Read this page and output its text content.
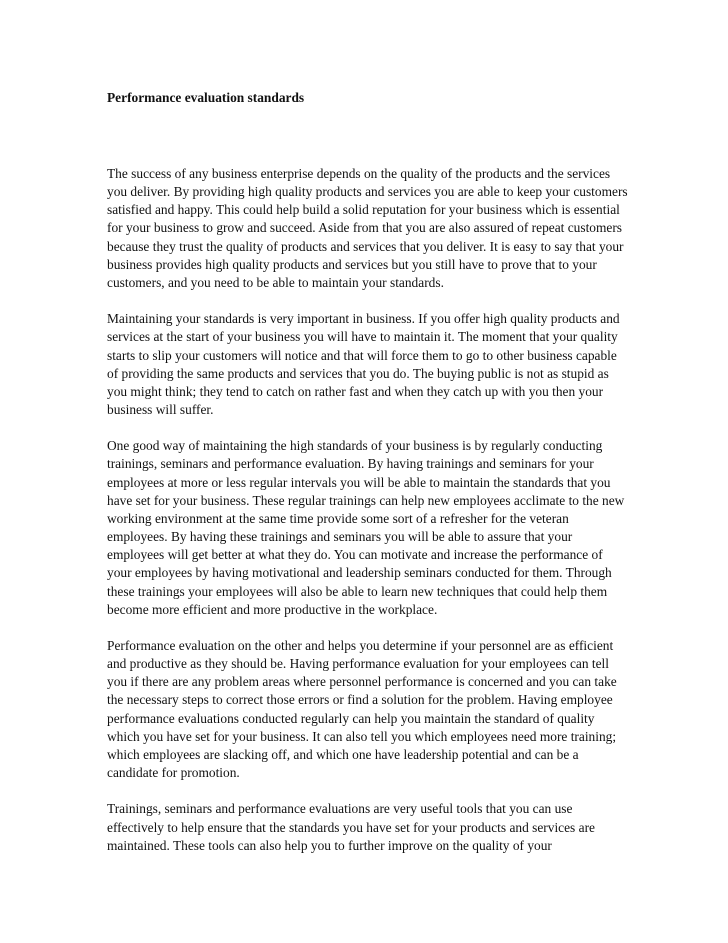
Performance evaluation standards

The success of any business enterprise depends on the quality of the products and the services you deliver. By providing high quality products and services you are able to keep your customers satisfied and happy. This could help build a solid reputation for your business which is essential for your business to grow and succeed. Aside from that you are also assured of repeat customers because they trust the quality of products and services that you deliver. It is easy to say that your business provides high quality products and services but you still have to prove that to your customers, and you need to be able to maintain your standards.

Maintaining your standards is very important in business. If you offer high quality products and services at the start of your business you will have to maintain it. The moment that your quality starts to slip your customers will notice and that will force them to go to other business capable of providing the same products and services that you do. The buying public is not as stupid as you might think; they tend to catch on rather fast and when they catch up with you then your business will suffer.

One good way of maintaining the high standards of your business is by regularly conducting trainings, seminars and performance evaluation. By having trainings and seminars for your employees at more or less regular intervals you will be able to maintain the standards that you have set for your business. These regular trainings can help new employees acclimate to the new working environment at the same time provide some sort of a refresher for the veteran employees. By having these trainings and seminars you will be able to assure that your employees will get better at what they do. You can motivate and increase the performance of your employees by having motivational and leadership seminars conducted for them. Through these trainings your employees will also be able to learn new techniques that could help them become more efficient and more productive in the workplace.

Performance evaluation on the other and helps you determine if your personnel are as efficient and productive as they should be. Having performance evaluation for your employees can tell you if there are any problem areas where personnel performance is concerned and you can take the necessary steps to correct those errors or find a solution for the problem. Having employee performance evaluations conducted regularly can help you maintain the standard of quality which you have set for your business. It can also tell you which employees need more training; which employees are slacking off, and which one have leadership potential and can be a candidate for promotion.

Trainings, seminars and performance evaluations are very useful tools that you can use effectively to help ensure that the standards you have set for your products and services are maintained. These tools can also help you to further improve on the quality of your
